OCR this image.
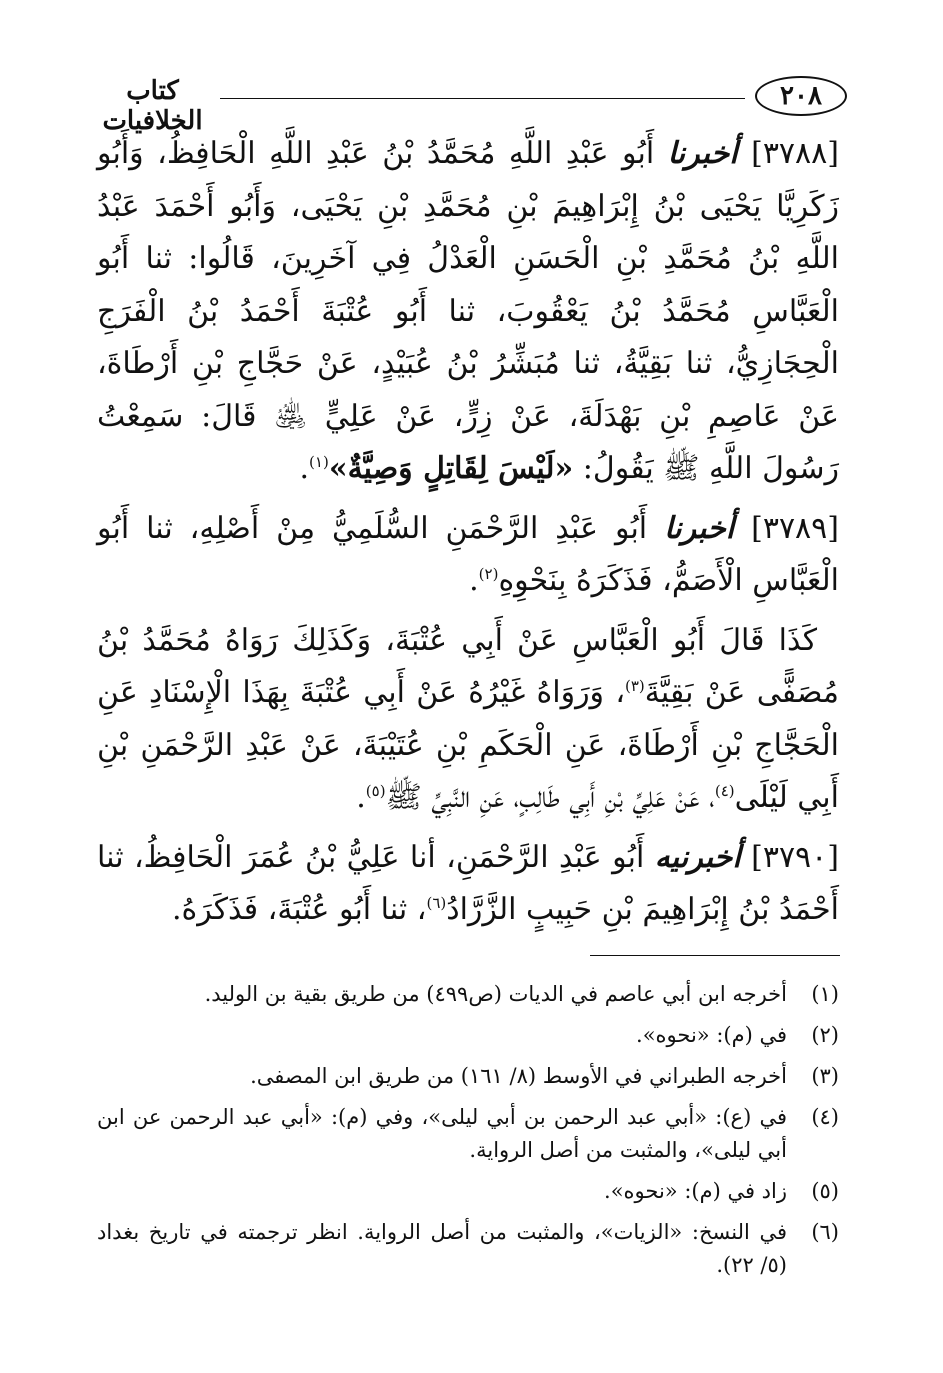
كتاب الخلافيات
٢٠٨

[٣٧٨٨] أخبرنا أَبُو عَبْدِ اللَّهِ مُحَمَّدُ بْنُ عَبْدِ اللَّهِ الْحَافِظُ، وَأَبُو زَكَرِيَّا يَحْيَى بْنُ إِبْرَاهِيمَ بْنِ مُحَمَّدِ بْنِ يَحْيَى، وَأَبُو أَحْمَدَ عَبْدُ اللَّهِ بْنُ مُحَمَّدِ بْنِ الْحَسَنِ الْعَدْلُ فِي آخَرِينَ، قَالُوا: ثنا أَبُو الْعَبَّاسِ مُحَمَّدُ بْنُ يَعْقُوبَ، ثنا أَبُو عُتْبَةَ أَحْمَدُ بْنُ الْفَرَجِ الْحِجَازِيُّ، ثنا بَقِيَّةُ، ثنا مُبَشِّرُ بْنُ عُبَيْدٍ، عَنْ حَجَّاجِ بْنِ أَرْطَاةَ، عَنْ عَاصِمِ بْنِ بَهْدَلَةَ، عَنْ زِرٍّ، عَنْ عَلِيٍّ ﵁ قَالَ: سَمِعْتُ رَسُولَ اللَّهِ ﷺ يَقُولُ: «لَيْسَ لِقَاتِلٍ وَصِيَّةٌ»$^{(١)}$.

[٣٧٨٩] أخبرنا أَبُو عَبْدِ الرَّحْمَنِ السُّلَمِيُّ مِنْ أَصْلِهِ، ثنا أَبُو الْعَبَّاسِ الْأَصَمُّ، فَذَكَرَهُ بِنَحْوِهِ$^{(٢)}$.

كَذَا قَالَ أَبُو الْعَبَّاسِ عَنْ أَبِي عُتْبَةَ، وَكَذَلِكَ رَوَاهُ مُحَمَّدُ بْنُ مُصَفًّى عَنْ بَقِيَّةَ$^{(٣)}$، وَرَوَاهُ غَيْرُهُ عَنْ أَبِي عُتْبَةَ بِهَذَا الْإِسْنَادِ عَنِ الْحَجَّاجِ بْنِ أَرْطَاةَ، عَنِ الْحَكَمِ بْنِ عُتَيْبَةَ، عَنْ عَبْدِ الرَّحْمَنِ بْنِ أَبِي لَيْلَى$^{(٤)}$، عَنْ عَلِيِّ بْنِ أَبِي طَالِبٍ، عَنِ النَّبِيِّ ﷺ$^{(٥)}$.

[٣٧٩٠] أخبرنيه أَبُو عَبْدِ الرَّحْمَنِ، أنا عَلِيُّ بْنُ عُمَرَ الْحَافِظُ، ثنا أَحْمَدُ بْنُ إِبْرَاهِيمَ بْنِ حَبِيبٍ الزَّرَّادُ$^{(٦)}$، ثنا أَبُو عُتْبَةَ، فَذَكَرَهُ.

(١)
أخرجه ابن أبي عاصم في الديات (ص٤٩٩) من طريق بقية بن الوليد.
(٢)
في (م): «نحوه».
(٣)
أخرجه الطبراني في الأوسط (٨/ ١٦١) من طريق ابن المصفى.
(٤)
في (ع): «أبي عبد الرحمن بن أبي ليلى»، وفي (م): «أبي عبد الرحمن عن ابن أبي ليلى»، والمثبت من أصل الرواية.
(٥)
زاد في (م): «نحوه».
(٦)
في النسخ: «الزيات»، والمثبت من أصل الرواية. انظر ترجمته في تاريخ بغداد (٥/ ٢٢).
